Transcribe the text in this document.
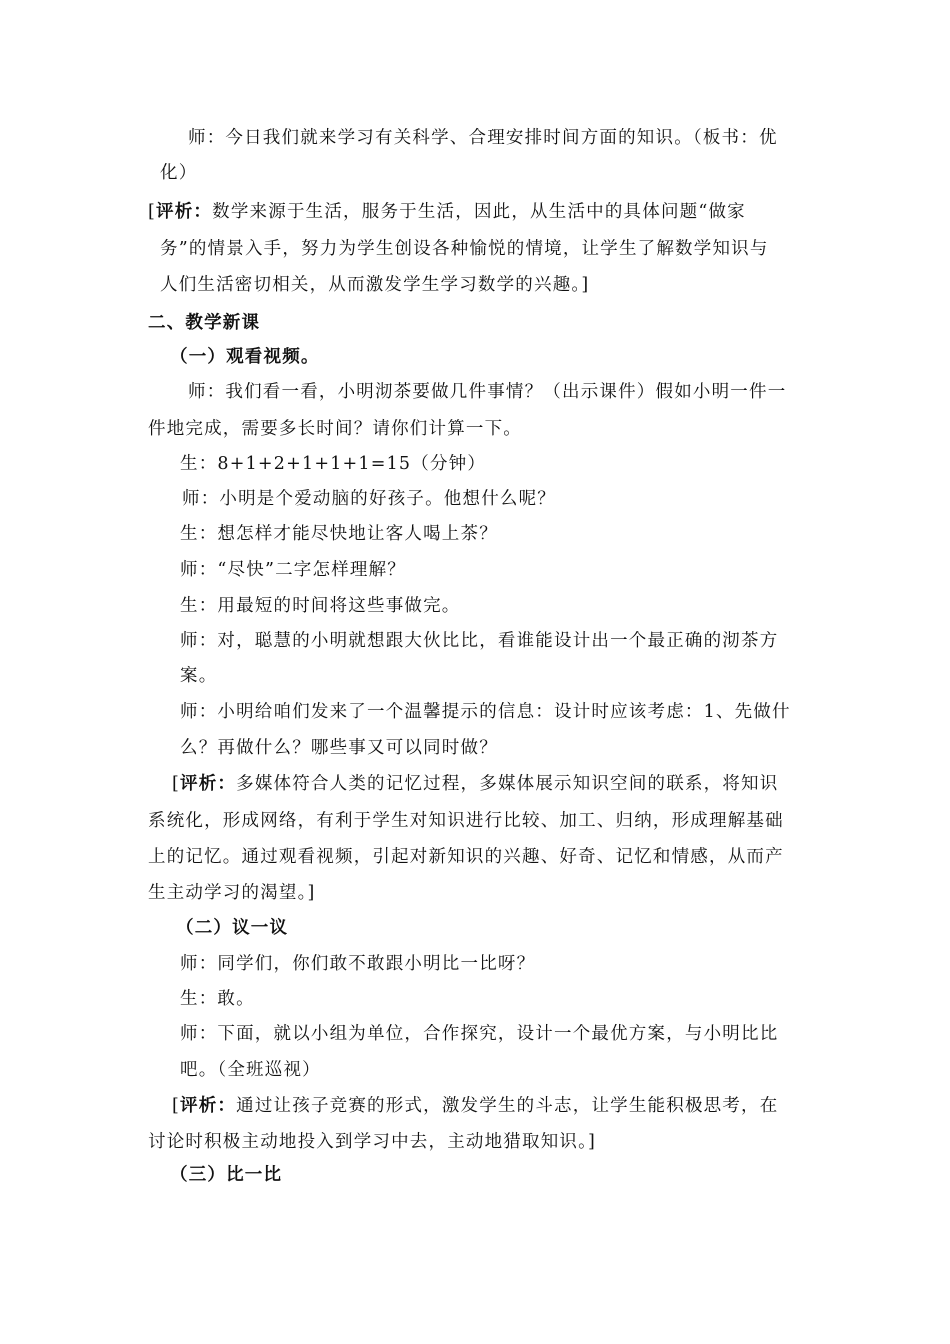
师：今日我们就来学习有关科学、合理安排时间方面的知识。（板书：优
化）
[评析：数学来源于生活，服务于生活，因此，从生活中的具体问题“做家
务”的情景入手，努力为学生创设各种愉悦的情境，让学生了解数学知识与
人们生活密切相关，从而激发学生学习数学的兴趣。]
二、教学新课
（一）观看视频。
师：我们看一看，小明沏茶要做几件事情？（出示课件）假如小明一件一
件地完成，需要多长时间？请你们计算一下。
生：8+1+2+1+1+1=15（分钟）
师：小明是个爱动脑的好孩子。他想什么呢？
生：想怎样才能尽快地让客人喝上茶？
师：“尽快”二字怎样理解？
生：用最短的时间将这些事做完。
师：对，聪慧的小明就想跟大伙比比，看谁能设计出一个最正确的沏茶方
案。
师：小明给咱们发来了一个温馨提示的信息：设计时应该考虑：1、先做什
么？再做什么？哪些事又可以同时做？
[评析：多媒体符合人类的记忆过程，多媒体展示知识空间的联系，将知识
系统化，形成网络，有利于学生对知识进行比较、加工、归纳，形成理解基础
上的记忆。通过观看视频，引起对新知识的兴趣、好奇、记忆和情感，从而产
生主动学习的渴望。]
（二）议一议
师：同学们，你们敢不敢跟小明比一比呀？
生：敢。
师：下面，就以小组为单位，合作探究，设计一个最优方案，与小明比比
吧。（全班巡视）
[评析：通过让孩子竞赛的形式，激发学生的斗志，让学生能积极思考，在
讨论时积极主动地投入到学习中去，主动地猎取知识。]
（三）比一比
